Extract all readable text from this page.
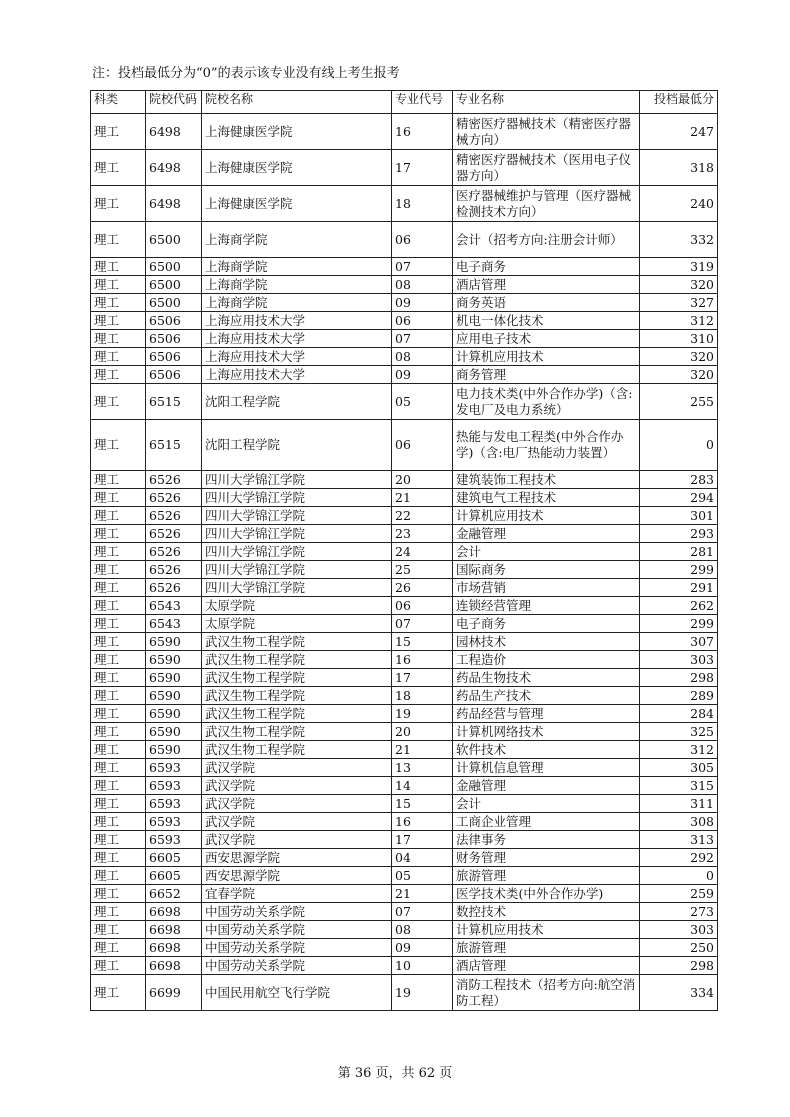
注：投档最低分为“0”的表示该专业没有线上考生报考
科类	院校代码	院校名称	专业代号	专业名称	投档最低分
理工	6498	上海健康医学院	16	精密医疗器械技术（精密医疗器械方向）	247
理工	6498	上海健康医学院	17	精密医疗器械技术（医用电子仪器方向）	318
理工	6498	上海健康医学院	18	医疗器械维护与管理（医疗器械检测技术方向）	240
理工	6500	上海商学院	06	会计（招考方向:注册会计师）	332
理工	6500	上海商学院	07	电子商务	319
理工	6500	上海商学院	08	酒店管理	320
理工	6500	上海商学院	09	商务英语	327
理工	6506	上海应用技术大学	06	机电一体化技术	312
理工	6506	上海应用技术大学	07	应用电子技术	310
理工	6506	上海应用技术大学	08	计算机应用技术	320
理工	6506	上海应用技术大学	09	商务管理	320
理工	6515	沈阳工程学院	05	电力技术类(中外合作办学)（含:发电厂及电力系统）	255
理工	6515	沈阳工程学院	06	热能与发电工程类(中外合作办学)（含:电厂热能动力装置）	0
理工	6526	四川大学锦江学院	20	建筑装饰工程技术	283
理工	6526	四川大学锦江学院	21	建筑电气工程技术	294
理工	6526	四川大学锦江学院	22	计算机应用技术	301
理工	6526	四川大学锦江学院	23	金融管理	293
理工	6526	四川大学锦江学院	24	会计	281
理工	6526	四川大学锦江学院	25	国际商务	299
理工	6526	四川大学锦江学院	26	市场营销	291
理工	6543	太原学院	06	连锁经营管理	262
理工	6543	太原学院	07	电子商务	299
理工	6590	武汉生物工程学院	15	园林技术	307
理工	6590	武汉生物工程学院	16	工程造价	303
理工	6590	武汉生物工程学院	17	药品生物技术	298
理工	6590	武汉生物工程学院	18	药品生产技术	289
理工	6590	武汉生物工程学院	19	药品经营与管理	284
理工	6590	武汉生物工程学院	20	计算机网络技术	325
理工	6590	武汉生物工程学院	21	软件技术	312
理工	6593	武汉学院	13	计算机信息管理	305
理工	6593	武汉学院	14	金融管理	315
理工	6593	武汉学院	15	会计	311
理工	6593	武汉学院	16	工商企业管理	308
理工	6593	武汉学院	17	法律事务	313
理工	6605	西安思源学院	04	财务管理	292
理工	6605	西安思源学院	05	旅游管理	0
理工	6652	宜春学院	21	医学技术类(中外合作办学)	259
理工	6698	中国劳动关系学院	07	数控技术	273
理工	6698	中国劳动关系学院	08	计算机应用技术	303
理工	6698	中国劳动关系学院	09	旅游管理	250
理工	6698	中国劳动关系学院	10	酒店管理	298
理工	6699	中国民用航空飞行学院	19	消防工程技术（招考方向:航空消防工程）	334
第 36 页，共 62 页
